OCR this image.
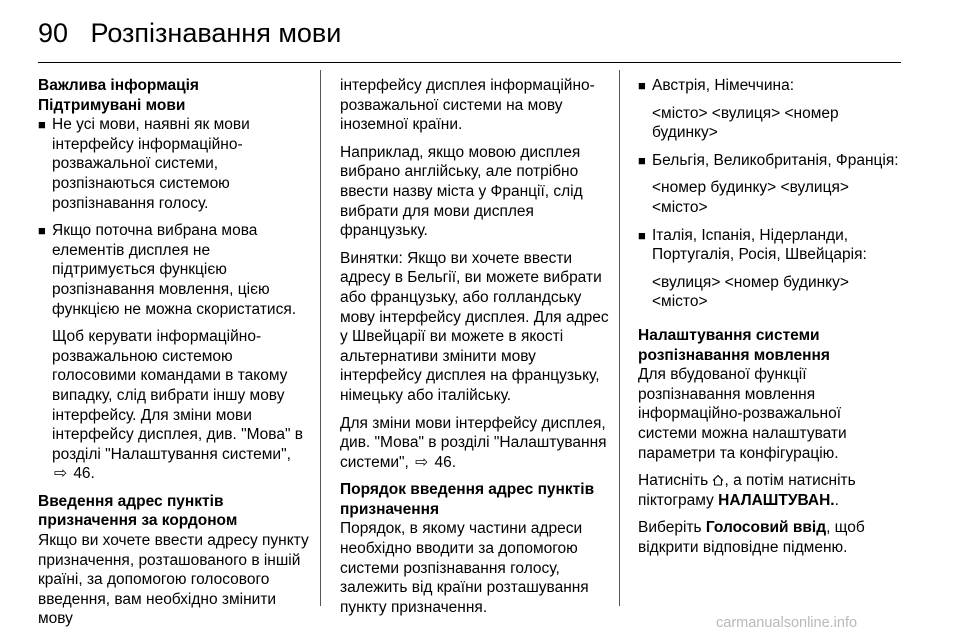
90 Розпізнавання мови
Важлива інформація
Підтримувані мови
■ Не усі мови, наявні як мови інтерфейсу інформаційно-розважальної системи, розпізнаються системою розпізнавання голосу.

■ Якщо поточна вибрана мова елементів дисплея не підтримується функцією розпізнавання мовлення, цією функцією не можна скористатися.

Щоб керувати інформаційно-розважальною системою голосовими командами в такому випадку, слід вибрати іншу мову інтерфейсу. Для зміни мови інтерфейсу дисплея, див. "Мова" в розділі "Налаштування системи", ⇨ 46.

Введення адрес пунктів
призначення за кордоном

Якщо ви хочете ввести адресу пункту призначення, розташованого в іншій країні, за допомогою голосового введення, вам необхідно змінити мову

інтерфейсу дисплея інформаційно-розважальної системи на мову іноземної країни.

Наприклад, якщо мовою дисплея вибрано англійську, але потрібно ввести назву міста у Франції, слід вибрати для мови дисплея французьку.

Винятки: Якщо ви хочете ввести адресу в Бельгії, ви можете вибрати або французьку, або голландську мову інтерфейсу дисплея. Для адрес у Швейцарії ви можете в якості альтернативи змінити мову інтерфейсу дисплея на французьку, німецьку або італійську.

Для зміни мови інтерфейсу дисплея, див. "Мова" в розділі "Налаштування системи", ⇨ 46.

Порядок введення адрес пунктів
призначення

Порядок, в якому частини адреси необхідно вводити за допомогою системи розпізнавання голосу, залежить від країни розташування пункту призначення.

■ Австрія, Німеччина:

<місто> <вулиця> <номер будинку>

■ Бельгія, Великобританія, Франція:

<номер будинку> <вулиця> <місто>

■ Італія, Іспанія, Нідерланди, Португалія, Росія, Швейцарія:

<вулиця> <номер будинку> <місто>

Налаштування системи
розпізнавання мовлення

Для вбудованої функції розпізнавання мовлення інформаційно-розважальної системи можна налаштувати параметри та конфігурацію.

Натисніть , а потім натисніть піктограму НАЛАШТУВАН..

Виберіть Голосовий ввід, щоб відкрити відповідне підменю.

carmanualsonline.info
